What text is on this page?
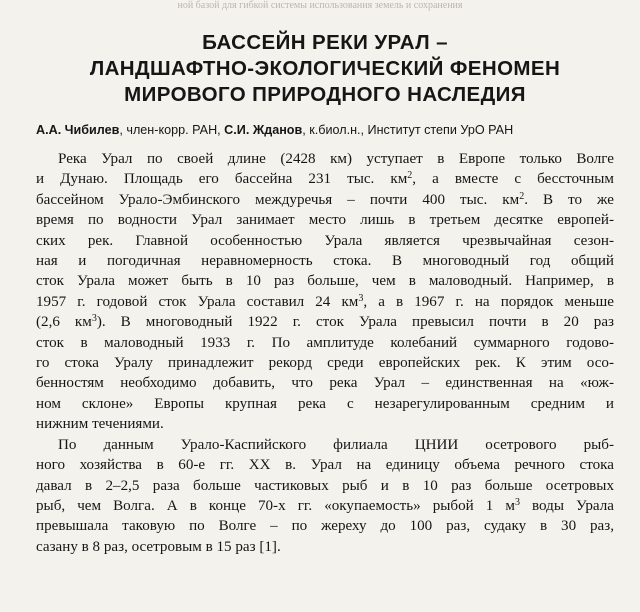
ной базой для гибкой системы использования земель и сохранения
БАССЕЙН РЕКИ УРАЛ –
ЛАНДШАФТНО-ЭКОЛОГИЧЕСКИЙ ФЕНОМЕН
МИРОВОГО ПРИРОДНОГО НАСЛЕДИЯ
А.А. Чибилев, член-корр. РАН, С.И. Жданов, к.биол.н., Институт степи УрО РАН

Река Урал по своей длине (2428 км) уступает в Европе только Волге
и Дунаю. Площадь его бассейна 231 тыс. $км^2$, а вместе с бессточным
бассейном Урало-Эмбинского междуречья – почти 400 тыс. $км^2$. В то же
время по водности Урал занимает место лишь в третьем десятке европей-
ских рек. Главной особенностью Урала является чрезвычайная сезон-
ная и погодичная неравномерность стока. В многоводный год общий
сток Урала может быть в 10 раз больше, чем в маловодный. Например, в
1957 г. годовой сток Урала составил 24 $км^3$, а в 1967 г. на порядок меньше
(2,6 $км^3$). В многоводный 1922 г. сток Урала превысил почти в 20 раз
сток в маловодный 1933 г. По амплитуде колебаний суммарного годово-
го стока Уралу принадлежит рекорд среди европейских рек. К этим осо-
бенностям необходимо добавить, что река Урал – единственная на «юж-
ном склоне» Европы крупная река с незарегулированным средним и
нижним течениями.

По данным Урало-Каспийского филиала ЦНИИ осетрового рыб-
ного хозяйства в 60-е гг. XX в. Урал на единицу объема речного стока
давал в 2–2,5 раза больше частиковых рыб и в 10 раз больше осетровых
рыб, чем Волга. А в конце 70-х гг. «окупаемость» рыбой 1 $м^3$ воды Урала
превышала таковую по Волге – по жереху до 100 раз, судаку в 30 раз,
сазану в 8 раз, осетровым в 15 раз [1].
